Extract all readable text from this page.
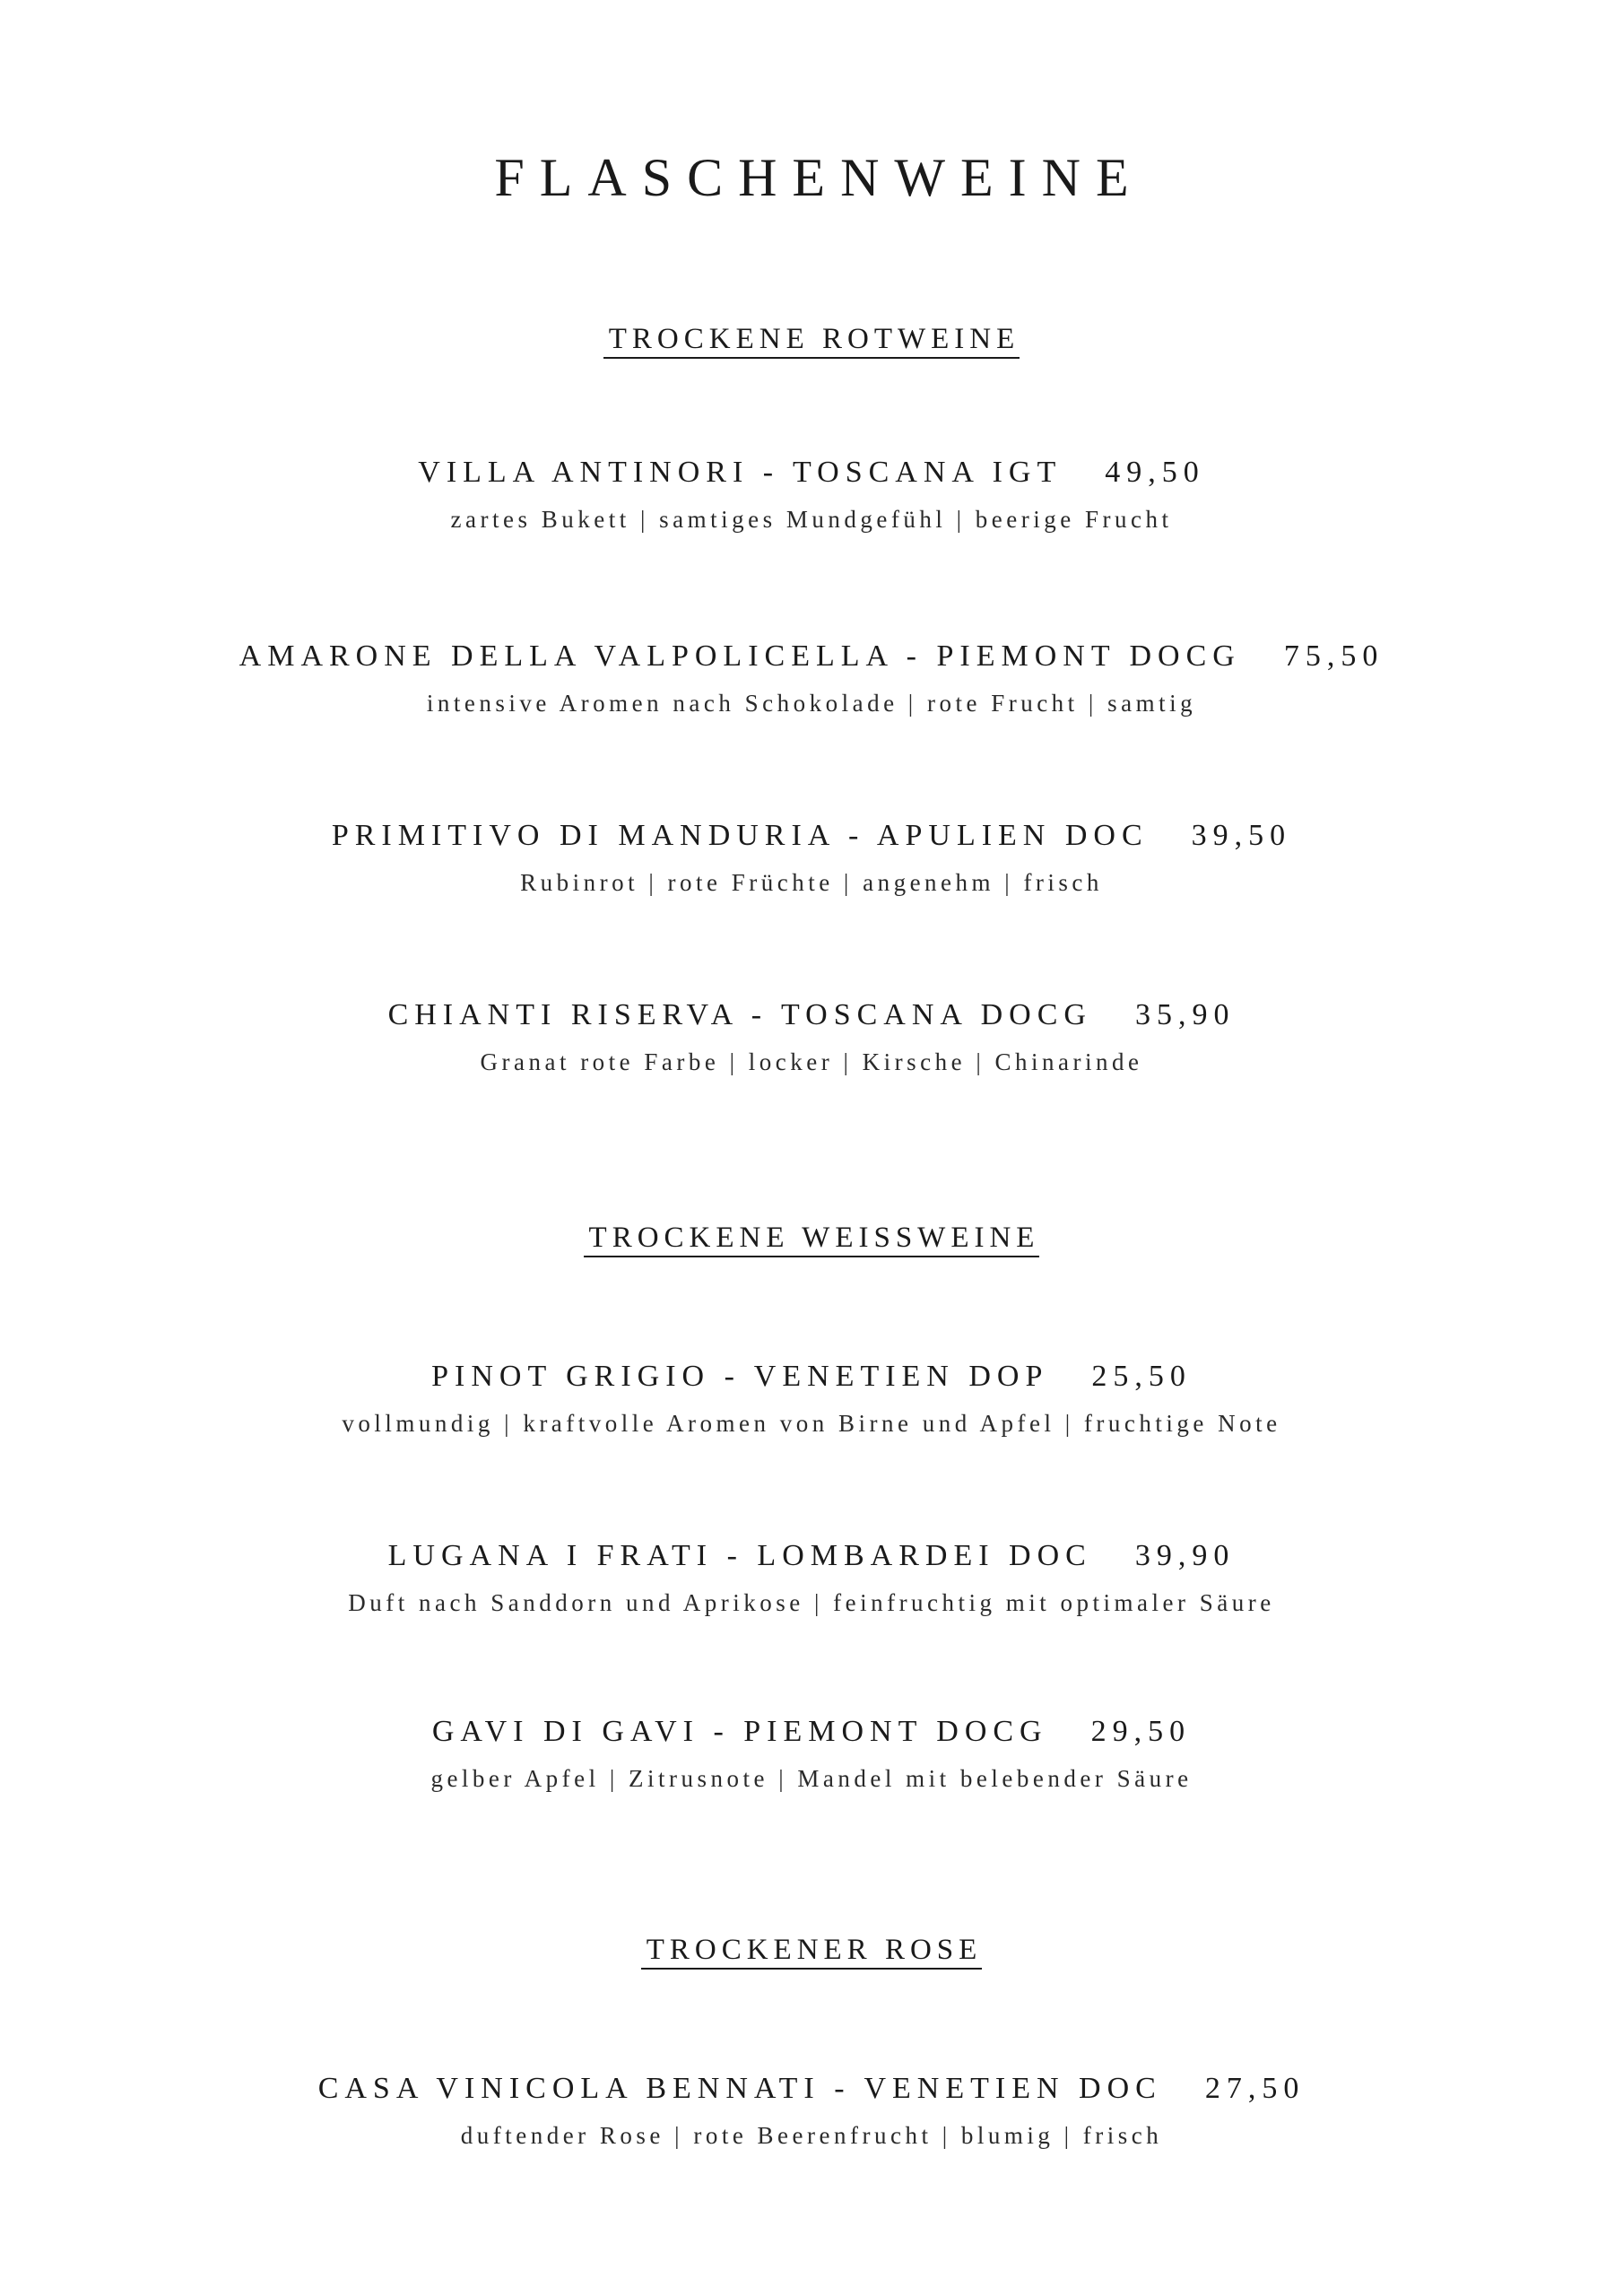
FLASCHENWEINE
TROCKENE ROTWEINE
VILLA ANTINORI - TOSCANA IGT 49,50
zartes Bukett | samtiges Mundgefühl | beerige Frucht
AMARONE DELLA VALPOLICELLA - PIEMONT DOCG 75,50
intensive Aromen nach Schokolade | rote Frucht | samtig
PRIMITIVO DI MANDURIA - APULIEN DOC 39,50
Rubinrot | rote Früchte | angenehm | frisch
CHIANTI RISERVA - TOSCANA DOCG 35,90
Granat rote Farbe | locker | Kirsche | Chinarinde
TROCKENE WEISSWEINE
PINOT GRIGIO - VENETIEN DOP 25,50
vollmundig | kraftvolle Aromen von Birne und Apfel | fruchtige Note
LUGANA I FRATI - LOMBARDEI DOC 39,90
Duft nach Sanddorn und Aprikose | feinfruchtig mit optimaler Säure
GAVI DI GAVI - PIEMONT DOCG 29,50
gelber Apfel | Zitrusnote | Mandel mit belebender Säure
TROCKENER ROSE
CASA VINICOLA BENNATI - VENETIEN DOC 27,50
duftender Rose | rote Beerenfrucht | blumig | frisch
